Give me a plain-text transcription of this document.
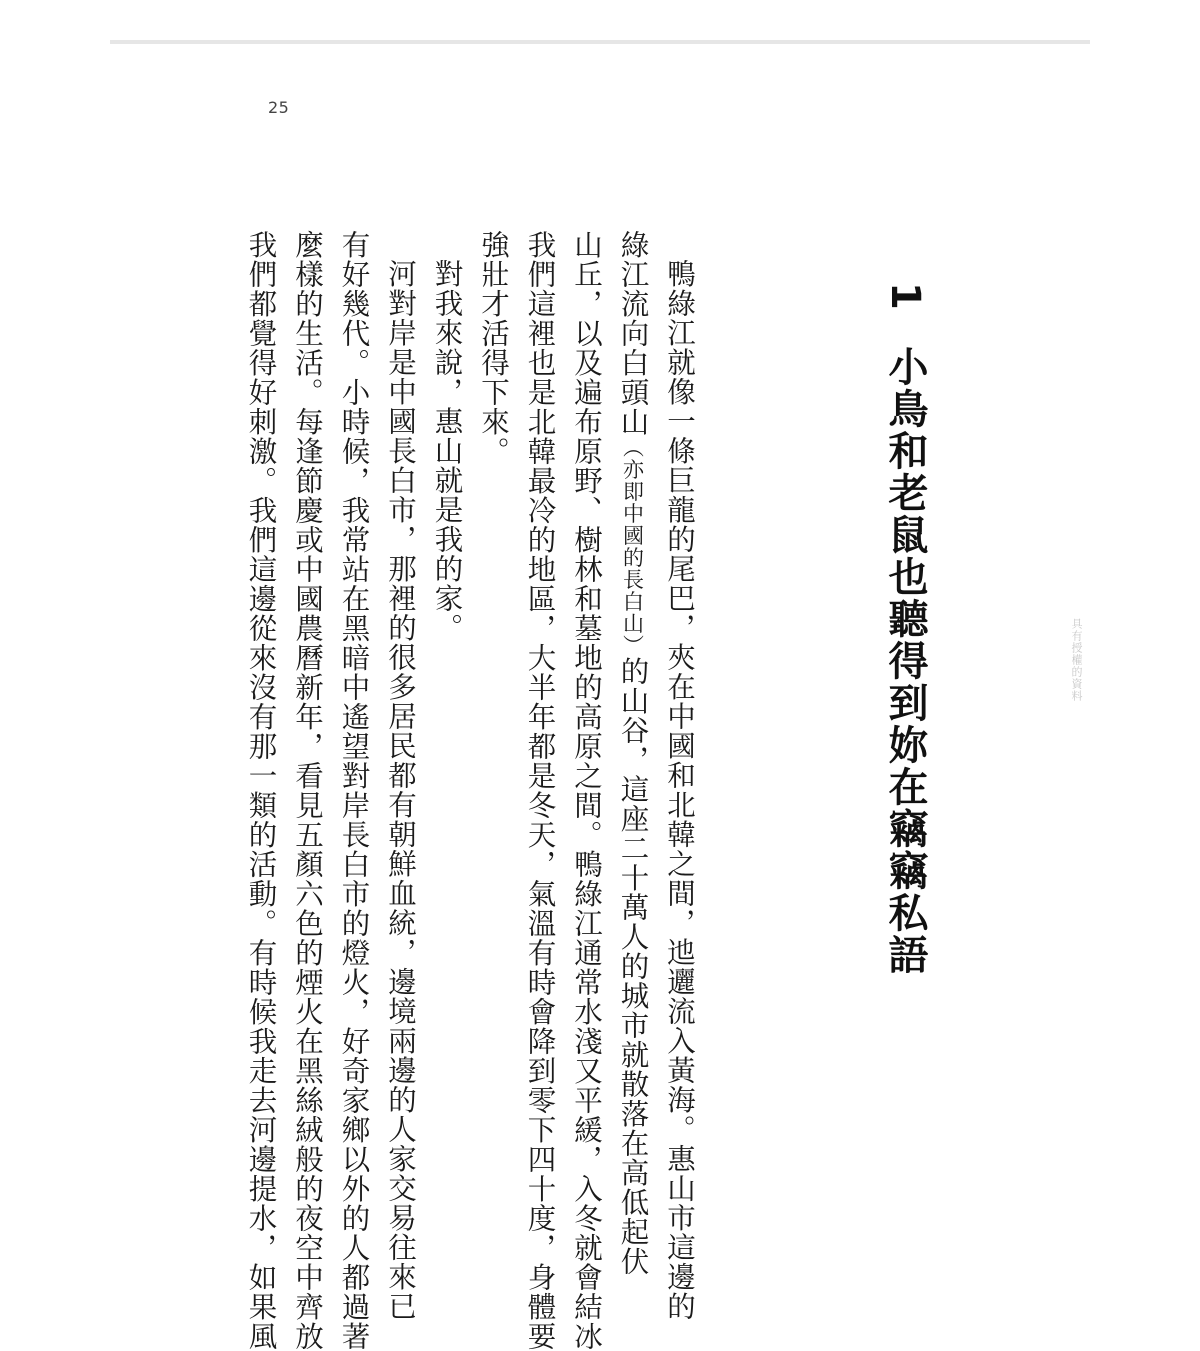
25
1 小鳥和老鼠也聽得到妳在竊竊私語	具有授權的資料
鴨綠江就像一條巨龍的尾巴，夾在中國和北韓之間，迆邐流入黃海。惠山市這邊的
綠江流向白頭山（亦即中國的長白山）的山谷，這座二十萬人的城市就散落在高低起伏
山丘，以及遍布原野、樹林和墓地的高原之間。鴨綠江通常水淺又平緩，入冬就會結冰
我們這裡也是北韓最冷的地區，大半年都是冬天，氣溫有時會降到零下四十度，身體要
強壯才活得下來。
對我來說，惠山就是我的家。
河對岸是中國長白市，那裡的很多居民都有朝鮮血統，邊境兩邊的人家交易往來已
有好幾代。小時候，我常站在黑暗中遙望對岸長白市的燈火，好奇家鄉以外的人都過著
麼樣的生活。每逢節慶或中國農曆新年，看見五顏六色的煙火在黑絲絨般的夜空中齊放
我們都覺得好刺激。我們這邊從來沒有那一類的活動。有時候我走去河邊提水，如果風
